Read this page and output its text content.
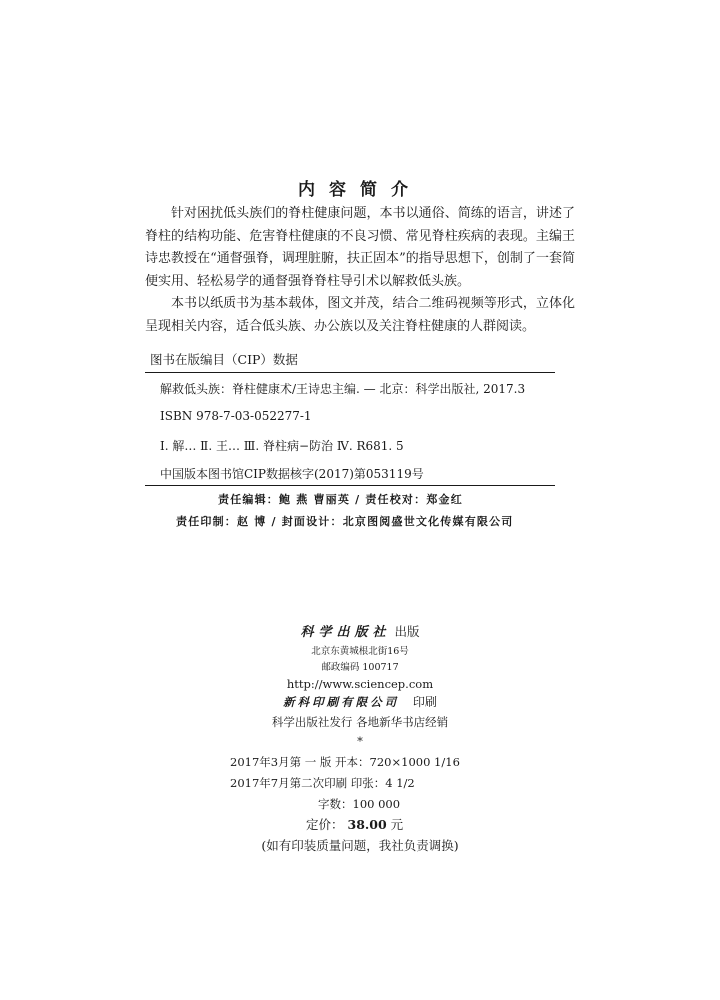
内容简介

针对困扰低头族们的脊柱健康问题，本书以通俗、简练的语言，讲述了脊柱的结构功能、危害脊柱健康的不良习惯、常见脊柱疾病的表现。主编王诗忠教授在“通督强脊，调理脏腑，扶正固本”的指导思想下，创制了一套简便实用、轻松易学的通督强脊脊柱导引术以解救低头族。

本书以纸质书为基本载体，图文并茂，结合二维码视频等形式，立体化呈现相关内容，适合低头族、办公族以及关注脊柱健康的人群阅读。

图书在版编目（CIP）数据
解救低头族：脊柱健康术/王诗忠主编. — 北京：科学出版社, 2017.3
ISBN 978-7-03-052277-1
Ⅰ. 解… Ⅱ. 王… Ⅲ. 脊柱病−防治 Ⅳ. R681. 5
中国版本图书馆CIP数据核字(2017)第053119号
责任编辑：鲍 燕 曹丽英 / 责任校对：郑金红
责任印制：赵 博 / 封面设计：北京图阅盛世文化传媒有限公司
科学出版社 出版
北京东黄城根北街16号
邮政编码 100717
http://www.sciencep.com
新科印刷有限公司 印刷
科学出版社发行 各地新华书店经销
*
2017年3月第 一 版 开本：720×1000 1/16
2017年7月第二次印刷 印张：4 1/2
字数：100 000
定价： 38.00 元
(如有印装质量问题，我社负责调换)
